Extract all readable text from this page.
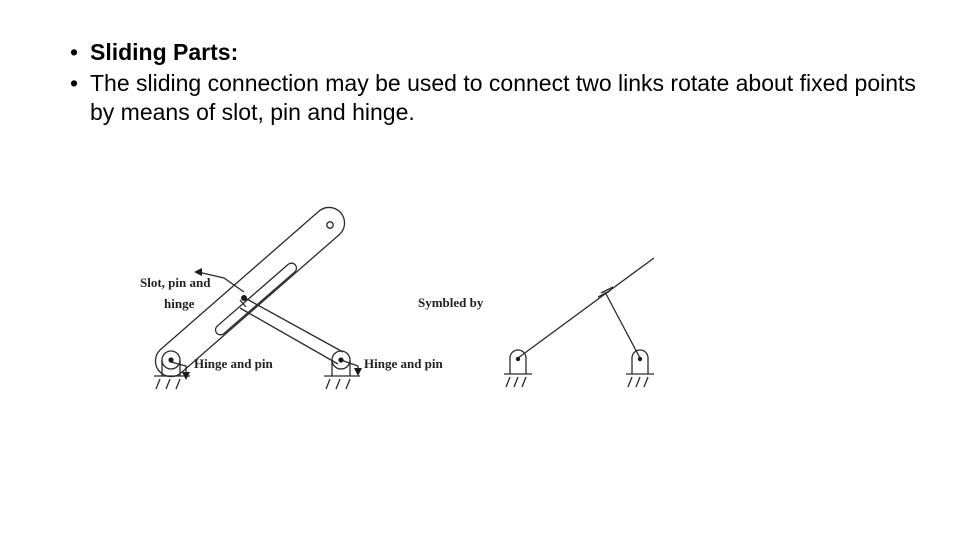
• Sliding Parts:
• The sliding connection may be used to connect two links rotate about fixed points by means of slot, pin and hinge.
Slot, pin and
hinge
Hinge and pin	Hinge and pin
Symbled by
